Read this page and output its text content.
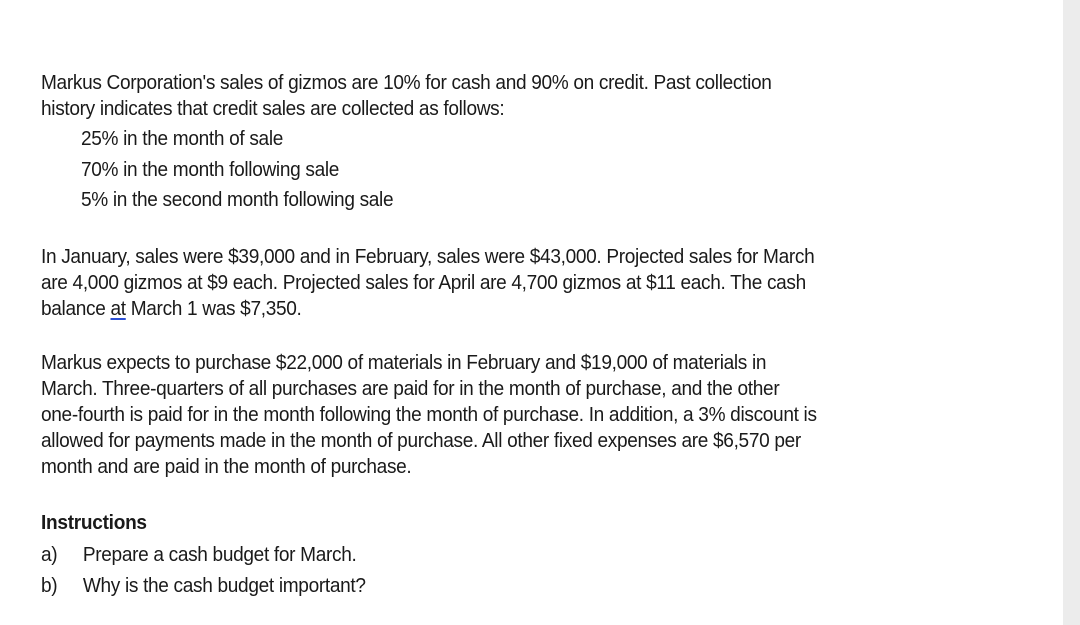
Markus Corporation's sales of gizmos are 10% for cash and 90% on credit. Past collection

history indicates that credit sales are collected as follows:

25% in the month of sale
70% in the month following sale
5% in the second month following sale

In January, sales were $39,000 and in February, sales were $43,000. Projected sales for March

are 4,000 gizmos at $9 each. Projected sales for April are 4,700 gizmos at $11 each. The cash

balance at March 1 was $7,350.

Markus expects to purchase $22,000 of materials in February and $19,000 of materials in

March. Three-quarters of all purchases are paid for in the month of purchase, and the other

one-fourth is paid for in the month following the month of purchase. In addition, a 3% discount is

allowed for payments made in the month of purchase. All other fixed expenses are $6,570 per

month and are paid in the month of purchase.

Instructions

a)	Prepare a cash budget for March.
b)	Why is the cash budget important?
